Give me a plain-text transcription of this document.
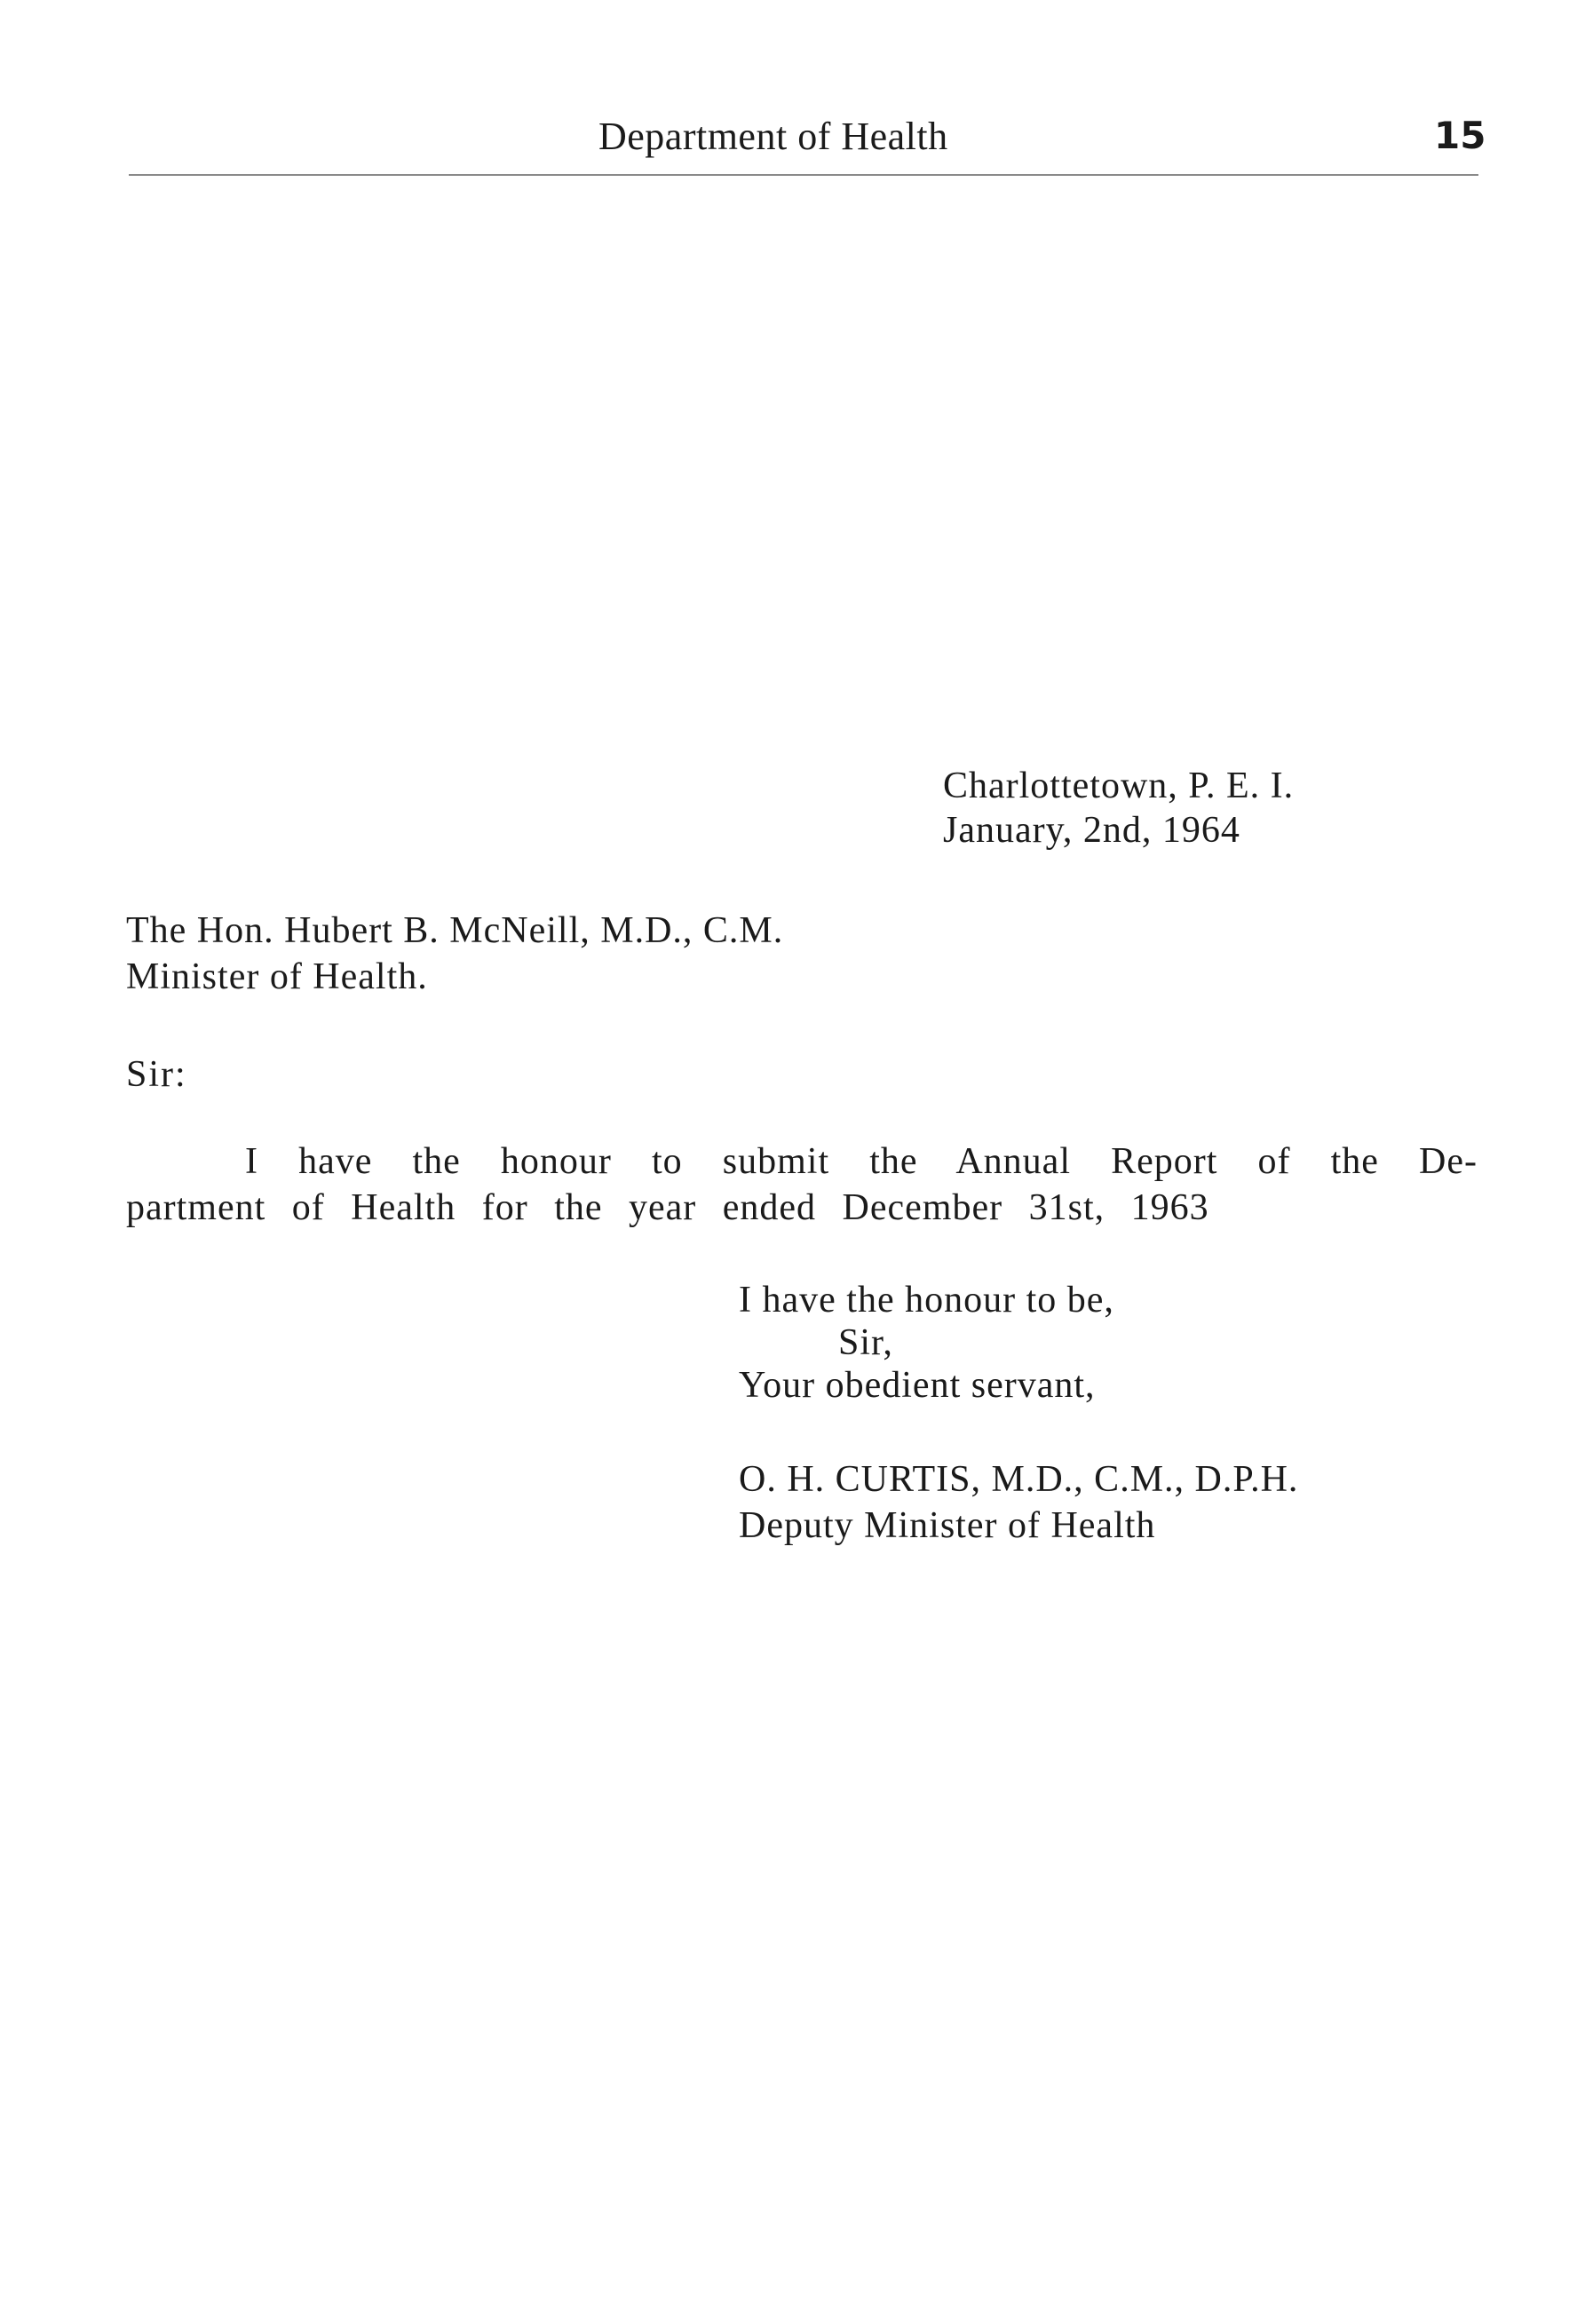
Department of Health	15
Charlottetown, P. E. I.
January, 2nd, 1964
The Hon. Hubert B. McNeill, M.D., C.M.
Minister of Health.
Sir:
I have the honour to submit the Annual Report of the De-
partment of Health for the year ended December 31st, 1963
I have the honour to be,
Sir,
Your obedient servant,
O. H. CURTIS, M.D., C.M., D.P.H.
Deputy Minister of Health
